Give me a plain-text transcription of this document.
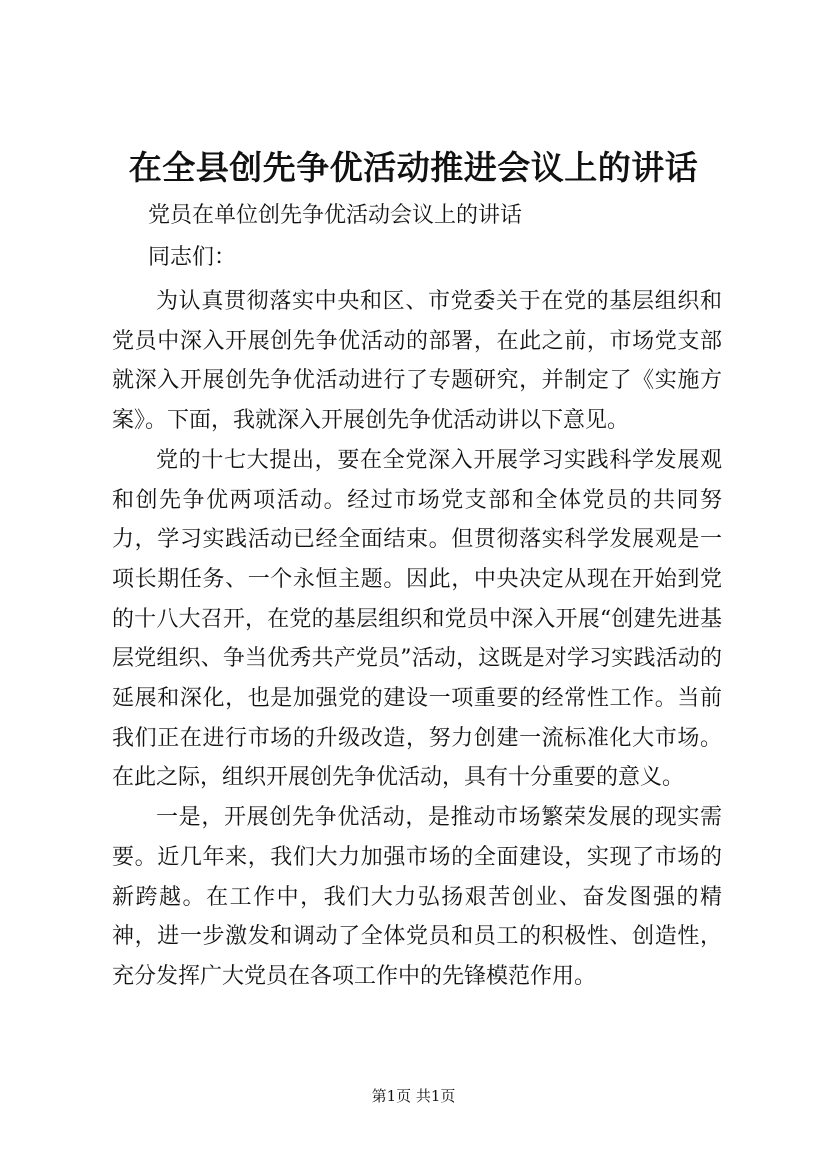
在全县创先争优活动推进会议上的讲话
党员在单位创先争优活动会议上的讲话
同志们：

为认真贯彻落实中央和区、市党委关于在党的基层组织和党员中深入开展创先争优活动的部署，在此之前，市场党支部就深入开展创先争优活动进行了专题研究，并制定了《实施方案》。下面，我就深入开展创先争优活动讲以下意见。

党的十七大提出，要在全党深入开展学习实践科学发展观和创先争优两项活动。经过市场党支部和全体党员的共同努力，学习实践活动已经全面结束。但贯彻落实科学发展观是一项长期任务、一个永恒主题。因此，中央决定从现在开始到党的十八大召开，在党的基层组织和党员中深入开展“创建先进基层党组织、争当优秀共产党员”活动，这既是对学习实践活动的延展和深化，也是加强党的建设一项重要的经常性工作。当前我们正在进行市场的升级改造，努力创建一流标准化大市场。在此之际，组织开展创先争优活动，具有十分重要的意义。

一是，开展创先争优活动，是推动市场繁荣发展的现实需要。近几年来，我们大力加强市场的全面建设，实现了市场的新跨越。在工作中，我们大力弘扬艰苦创业、奋发图强的精神，进一步激发和调动了全体党员和员工的积极性、创造性，充分发挥广大党员在各项工作中的先锋模范作用。

第1页 共1页
